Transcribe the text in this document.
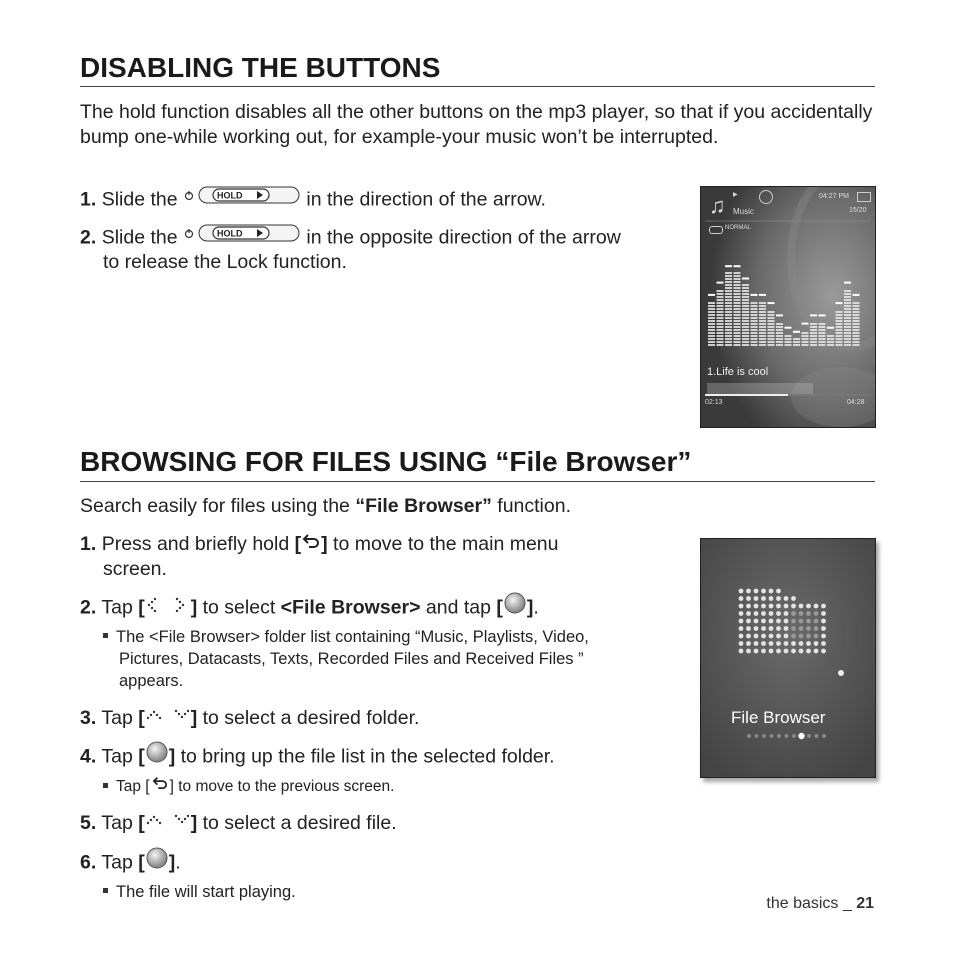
DISABLING THE BUTTONS
The hold function disables all the other buttons on the mp3 player, so that if you accidentally bump one-while working out, for example-your music won’t be interrupted.
1. Slide the	HOLD	in the direction of the arrow.
2. Slide the	HOLD	in the opposite direction of the arrow
to release the Lock function.
♫ ▶	04:27 PM
Music	15/20
NORMAL
1.Life is cool
02:13	04:28
BROWSING FOR FILES USING “File Browser”
Search easily for files using the “File Browser” function.
1. Press and briefly hold [ ] to move to the main menu
screen.
2. Tap [ ] to select <File Browser> and tap [ ].
The <File Browser> folder list containing “Music, Playlists, Video,
Pictures, Datacasts, Texts, Recorded Files and Received Files ”
appears.
3. Tap [ ] to select a desired folder.
4. Tap [ ] to bring up the file list in the selected folder.
Tap [ ] to move to the previous screen.
5. Tap [ ] to select a desired file.
6. Tap [ ].
The file will start playing.
File Browser
the basics _ 21
